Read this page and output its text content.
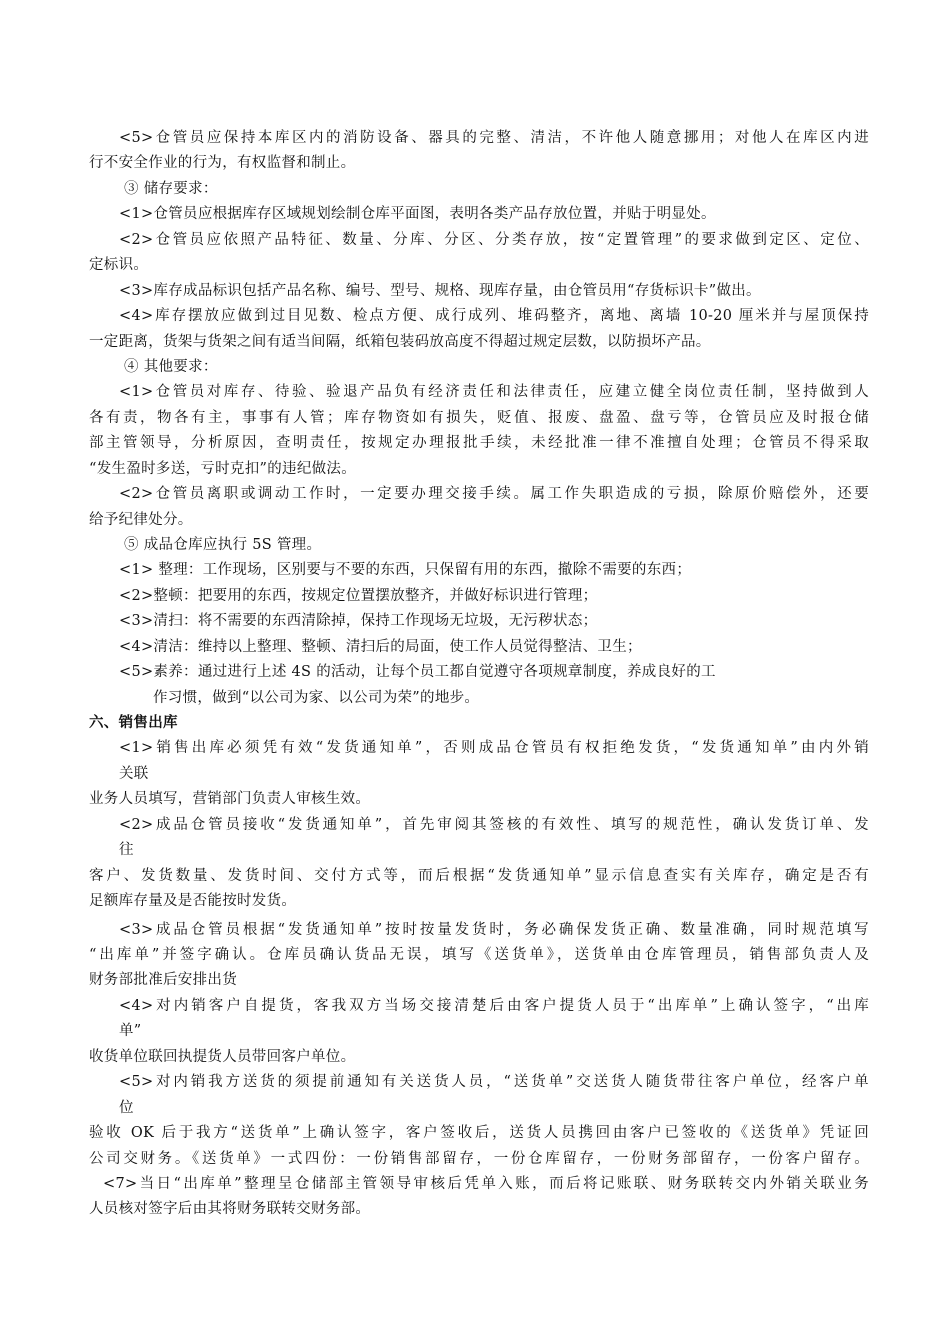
<5>仓管员应保持本库区内的消防设备、器具的完整、清洁，不许他人随意挪用；对他人在库区内进
行不安全作业的行为，有权监督和制止。
③ 储存要求：
<1>仓管员应根据库存区域规划绘制仓库平面图，表明各类产品存放位置，并贴于明显处。
<2>仓管员应依照产品特征、数量、分库、分区、分类存放，按“定置管理”的要求做到定区、定位、
定标识。
<3>库存成品标识包括产品名称、编号、型号、规格、现库存量，由仓管员用“存货标识卡”做出。
<4>库存摆放应做到过目见数、检点方便、成行成列、堆码整齐，离地、离墙 10-20 厘米并与屋顶保持
一定距离，货架与货架之间有适当间隔，纸箱包装码放高度不得超过规定层数，以防损坏产品。
④ 其他要求：
<1>仓管员对库存、待验、验退产品负有经济责任和法律责任，应建立健全岗位责任制，坚持做到人
各有责，物各有主，事事有人管；库存物资如有损失，贬值、报废、盘盈、盘亏等，仓管员应及时报仓储
部主管领导，分析原因，查明责任，按规定办理报批手续，未经批准一律不准擅自处理；仓管员不得采取
“发生盈时多送，亏时克扣”的违纪做法。
<2>仓管员离职或调动工作时，一定要办理交接手续。属工作失职造成的亏损，除原价赔偿外，还要
给予纪律处分。
⑤ 成品仓库应执行 5S 管理。
<1> 整理：工作现场，区别要与不要的东西，只保留有用的东西，撤除不需要的东西；
<2>整顿：把要用的东西，按规定位置摆放整齐，并做好标识进行管理；
<3>清扫：将不需要的东西清除掉，保持工作现场无垃圾，无污秽状态；
<4>清洁：维持以上整理、整顿、清扫后的局面，使工作人员觉得整洁、卫生；
<5>素养：通过进行上述 4S 的活动，让每个员工都自觉遵守各项规章制度，养成良好的工
作习惯，做到“以公司为家、以公司为荣”的地步。
六、销售出库
<1>销售出库必须凭有效“发货通知单”，否则成品仓管员有权拒绝发货，“发货通知单”由内外销
关联
业务人员填写，营销部门负责人审核生效。
<2>成品仓管员接收“发货通知单”，首先审阅其签核的有效性、填写的规范性，确认发货订单、发
往
客户、发货数量、发货时间、交付方式等，而后根据“发货通知单”显示信息查实有关库存，确定是否有
足额库存量及是否能按时发货。
<3>成品仓管员根据“发货通知单”按时按量发货时，务必确保发货正确、数量准确，同时规范填写
“出库单”并签字确认。仓库员确认货品无误，填写《送货单》，送货单由仓库管理员，销售部负责人及
财务部批准后安排出货
<4>对内销客户自提货，客我双方当场交接清楚后由客户提货人员于“出库单”上确认签字，“出库
单”
收货单位联回执提货人员带回客户单位。
<5>对内销我方送货的须提前通知有关送货人员，“送货单”交送货人随货带往客户单位，经客户单
位
验收 OK 后于我方“送货单”上确认签字，客户签收后，送货人员携回由客户已签收的《送货单》凭证回
公司交财务。《送货单》一式四份：一份销售部留存，一份仓库留存，一份财务部留存，一份客户留存。
<7>当日“出库单”整理呈仓储部主管领导审核后凭单入账，而后将记账联、财务联转交内外销关联业务
人员核对签字后由其将财务联转交财务部。
